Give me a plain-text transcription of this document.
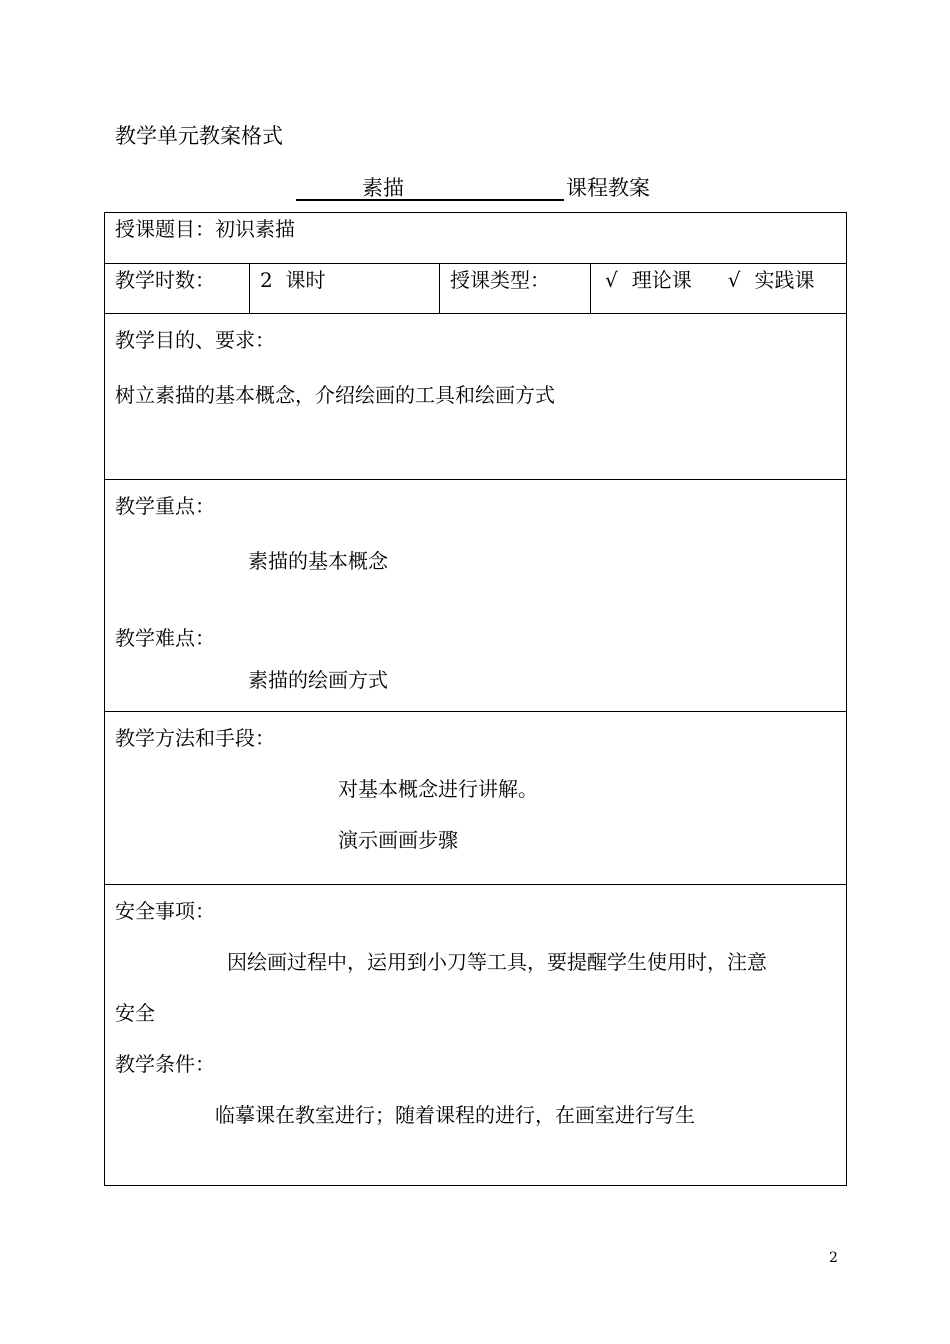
教学单元教案格式
素描	课程教案
授课题目：初识素描
教学时数：	2  课时	授课类型：	√ 理论课 √ 实践课

教学目的、要求：
树立素描的基本概念，介绍绘画的工具和绘画方式

教学重点：
素描的基本概念
教学难点：
素描的绘画方式

教学方法和手段：
对基本概念进行讲解。
演示画画步骤

安全事项：
因绘画过程中，运用到小刀等工具，要提醒学生使用时，注意
安全
教学条件：
临摹课在教室进行；随着课程的进行，在画室进行写生
2
